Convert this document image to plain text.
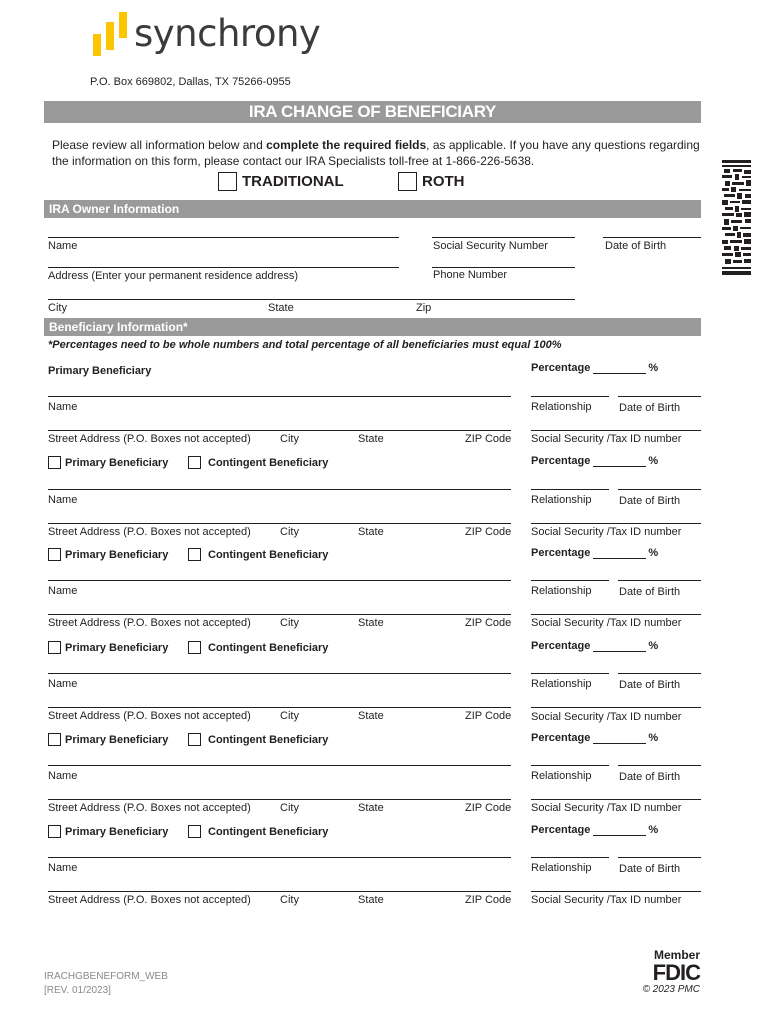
synchrony
P.O. Box 669802, Dallas, TX 75266-0955
IRA CHANGE OF BENEFICIARY
Please review all information below and complete the required fields, as applicable. If you have any questions regarding the information on this form, please contact our IRA Specialists toll-free at 1-866-226-5638.
TRADITIONAL	ROTH
IRA Owner Information
Name	Social Security Number	Date of Birth
Address (Enter your permanent residence address)	Phone Number
City	State	Zip
Beneficiary Information*
*Percentages need to be whole numbers and total percentage of all beneficiaries must equal 100%
Primary Beneficiary	Percentage	%
Name	Relationship Date of Birth
Street Address (P.O. Boxes not accepted)	City	State	ZIP Code Social Security /Tax ID number
Primary Beneficiary	Contingent Beneficiary	Percentage	%
Name	Relationship Date of Birth
Street Address (P.O. Boxes not accepted)	City	State	ZIP Code Social Security /Tax ID number
Primary Beneficiary	Contingent Beneficiary	Percentage	%
Name	Relationship Date of Birth
Street Address (P.O. Boxes not accepted)	City	State	ZIP Code Social Security /Tax ID number
Primary Beneficiary	Contingent Beneficiary	Percentage	%
Name	Relationship Date of Birth
Street Address (P.O. Boxes not accepted)	City	State	ZIP Code Social Security /Tax ID number
Primary Beneficiary	Contingent Beneficiary	Percentage	%
Name	Relationship Date of Birth
Street Address (P.O. Boxes not accepted)	City	State	ZIP Code Social Security /Tax ID number
Primary Beneficiary	Contingent Beneficiary	Percentage	%
Name	Relationship Date of Birth
Street Address (P.O. Boxes not accepted)	City	State	ZIP Code Social Security /Tax ID number
IRACHGBENEFORM_WEB
[REV. 01/2023]
Member
FDIC
© 2023 PMC
